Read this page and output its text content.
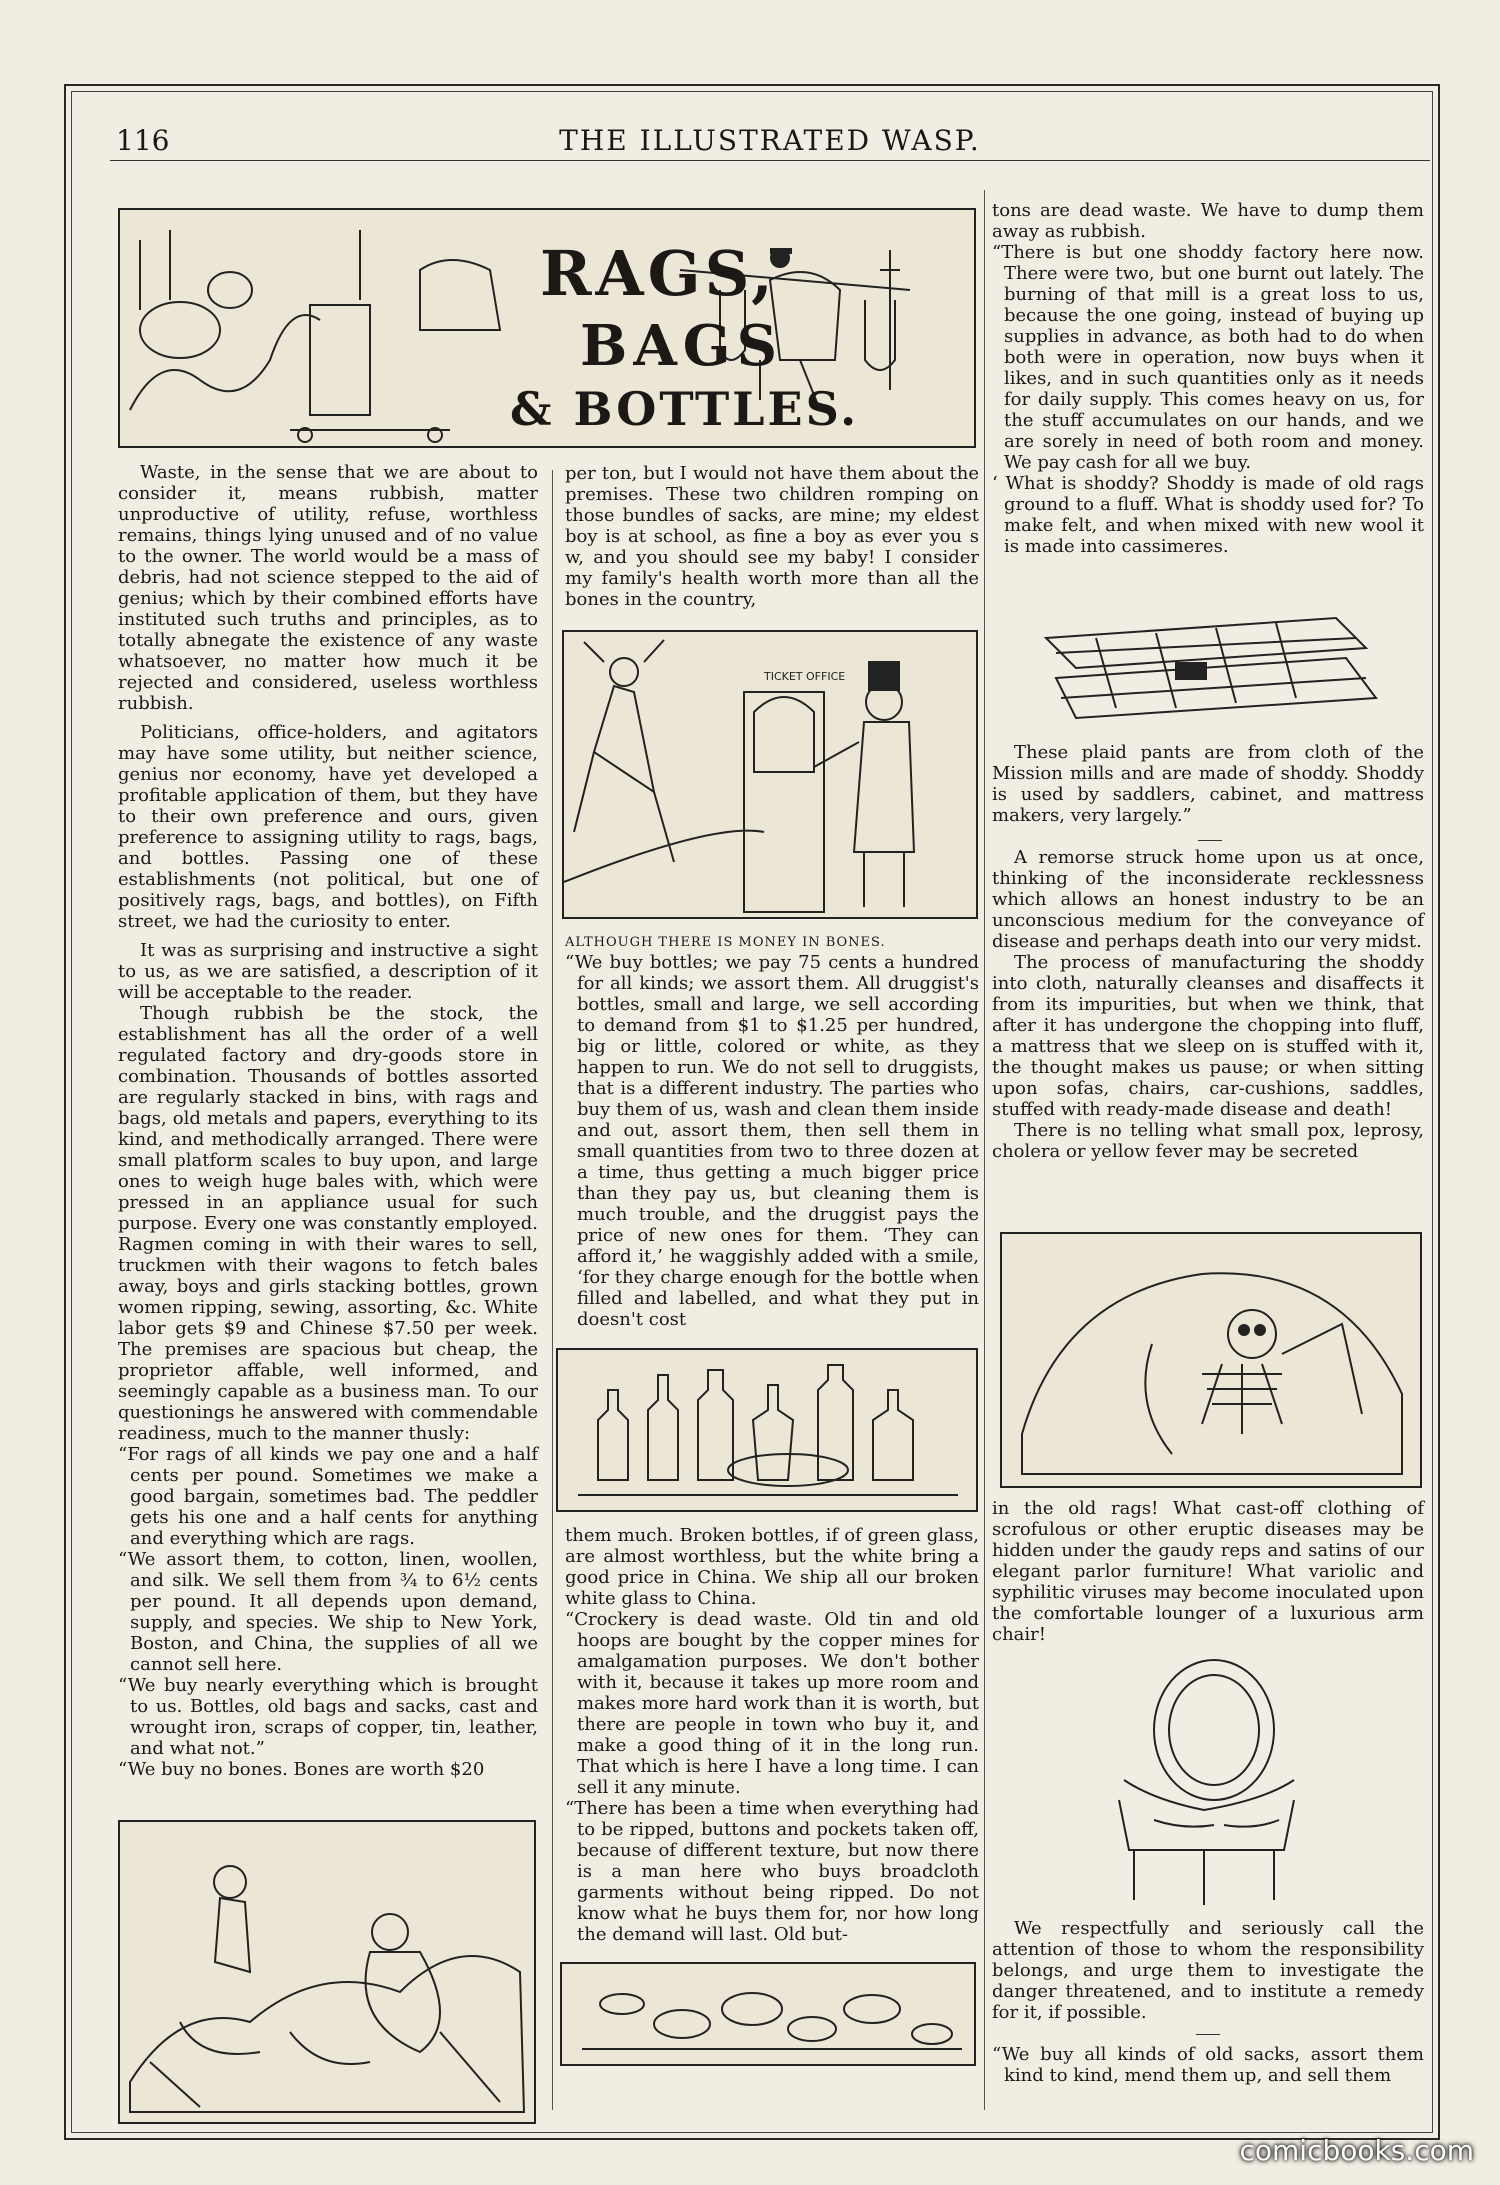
116	THE ILLUSTRATED WASP.
RAGS,
BAGS
& BOTTLES.

Waste, in the sense that we are about to consider it, means rubbish, matter unproductive of utility, refuse, worthless remains, things lying unused and of no value to the owner. The world would be a mass of debris, had not science stepped to the aid of genius; which by their combined efforts have instituted such truths and principles, as to totally abnegate the existence of any waste whatsoever, no matter how much it be rejected and considered, useless worthless rubbish.

Politicians, office-holders, and agitators may have some utility, but neither science, genius nor economy, have yet developed a profitable application of them, but they have to their own preference and ours, given preference to assigning utility to rags, bags, and bottles. Passing one of these establishments (not political, but one of positively rags, bags, and bottles), on Fifth street, we had the curiosity to enter.

It was as surprising and instructive a sight to us, as we are satisfied, a description of it will be acceptable to the reader.

Though rubbish be the stock, the establishment has all the order of a well regulated factory and dry-goods store in combination. Thousands of bottles assorted are regularly stacked in bins, with rags and bags, old metals and papers, everything to its kind, and methodically arranged. There were small platform scales to buy upon, and large ones to weigh huge bales with, which were pressed in an appliance usual for such purpose. Every one was constantly employed. Ragmen coming in with their wares to sell, truckmen with their wagons to fetch bales away, boys and girls stacking bottles, grown women ripping, sewing, assorting, &c. White labor gets $9 and Chinese $7.50 per week. The premises are spacious but cheap, the proprietor affable, well informed, and seemingly capable as a business man. To our questionings he answered with commendable readiness, much to the manner thusly:

“For rags of all kinds we pay one and a half cents per pound. Sometimes we make a good bargain, sometimes bad. The peddler gets his one and a half cents for anything and everything which are rags.

“We assort them, to cotton, linen, woollen, and silk. We sell them from ¾ to 6½ cents per pound. It all depends upon demand, supply, and species. We ship to New York, Boston, and China, the supplies of all we cannot sell here.

“We buy nearly everything which is brought to us. Bottles, old bags and sacks, cast and wrought iron, scraps of copper, tin, leather, and what not.”

“We buy no bones. Bones are worth $20

per ton, but I would not have them about the premises. These two children romping on those bundles of sacks, are mine; my eldest boy is at school, as fine a boy as ever you s w, and you should see my baby! I consider my family's health worth more than all the bones in the country,

TICKET OFFICE
ALTHOUGH THERE IS MONEY IN BONES.

“We buy bottles; we pay 75 cents a hundred for all kinds; we assort them. All druggist's bottles, small and large, we sell according to demand from $1 to $1.25 per hundred, big or little, colored or white, as they happen to run. We do not sell to druggists, that is a different industry. The parties who buy them of us, wash and clean them inside and out, assort them, then sell them in small quantities from two to three dozen at a time, thus getting a much bigger price than they pay us, but cleaning them is much trouble, and the druggist pays the price of new ones for them. ‘They can afford it,’ he waggishly added with a smile, ‘for they charge enough for the bottle when filled and labelled, and what they put in doesn't cost

them much. Broken bottles, if of green glass, are almost worthless, but the white bring a good price in China. We ship all our broken white glass to China.

“Crockery is dead waste. Old tin and old hoops are bought by the copper mines for amalgamation purposes. We don't bother with it, because it takes up more room and makes more hard work than it is worth, but there are people in town who buy it, and make a good thing of it in the long run. That which is here I have a long time. I can sell it any minute.

“There has been a time when everything had to be ripped, buttons and pockets taken off, because of different texture, but now there is a man here who buys broadcloth garments without being ripped. Do not know what he buys them for, nor how long the demand will last. Old but-

tons are dead waste. We have to dump them away as rubbish.

“There is but one shoddy factory here now. There were two, but one burnt out lately. The burning of that mill is a great loss to us, because the one going, instead of buying up supplies in advance, as both had to do when both were in operation, now buys when it likes, and in such quantities only as it needs for daily supply. This comes heavy on us, for the stuff accumulates on our hands, and we are sorely in need of both room and money. We pay cash for all we buy.

‘ What is shoddy? Shoddy is made of old rags ground to a fluff. What is shoddy used for? To make felt, and when mixed with new wool it is made into cassimeres.

These plaid pants are from cloth of the Mission mills and are made of shoddy. Shoddy is used by saddlers, cabinet, and mattress makers, very largely.”

A remorse struck home upon us at once, thinking of the inconsiderate recklessness which allows an honest industry to be an unconscious medium for the conveyance of disease and perhaps death into our very midst.

The process of manufacturing the shoddy into cloth, naturally cleanses and disaffects it from its impurities, but when we think, that after it has undergone the chopping into fluff, a mattress that we sleep on is stuffed with it, the thought makes us pause; or when sitting upon sofas, chairs, car-cushions, saddles, stuffed with ready-made disease and death!

There is no telling what small pox, leprosy, cholera or yellow fever may be secreted

in the old rags! What cast-off clothing of scrofulous or other eruptic diseases may be hidden under the gaudy reps and satins of our elegant parlor furniture! What variolic and syphilitic viruses may become inoculated upon the comfortable lounger of a luxurious arm chair!

We respectfully and seriously call the attention of those to whom the responsibility belongs, and urge them to investigate the danger threatened, and to institute a remedy for it, if possible.

“We buy all kinds of old sacks, assort them kind to kind, mend them up, and sell them

comicbooks.com
